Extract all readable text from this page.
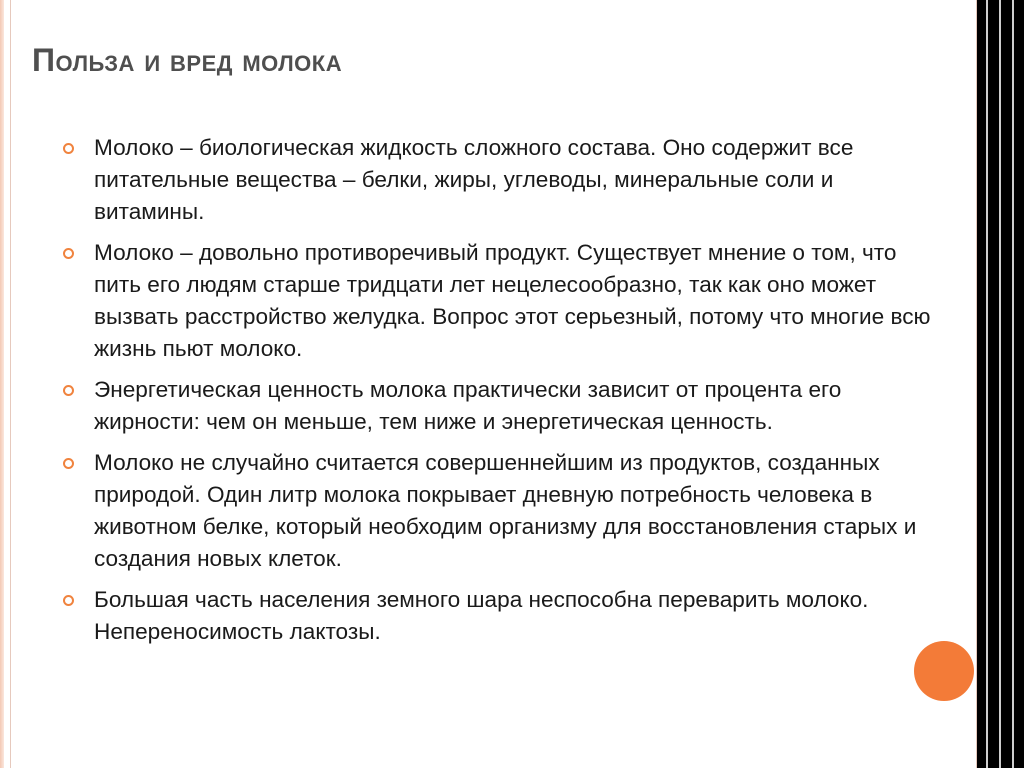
Польза и вред молока
Молоко – биологическая жидкость сложного состава. Оно содержит все питательные вещества – белки, жиры, углеводы, минеральные соли и витамины.
Молоко – довольно противоречивый продукт. Существует мнение о том, что пить его людям старше тридцати лет нецелесообразно, так как оно может вызвать расстройство желудка. Вопрос этот серьезный, потому что многие всю жизнь пьют молоко.
Энергетическая ценность молока практически зависит от процента его жирности: чем он меньше, тем ниже и энергетическая ценность.
Молоко не случайно считается совершеннейшим из продуктов, созданных природой. Один литр молока покрывает дневную потребность человека в животном белке, который необходим организму для восстановления старых и создания новых клеток.
Большая часть населения земного шара неспособна переварить молоко. Непереносимость лактозы.
